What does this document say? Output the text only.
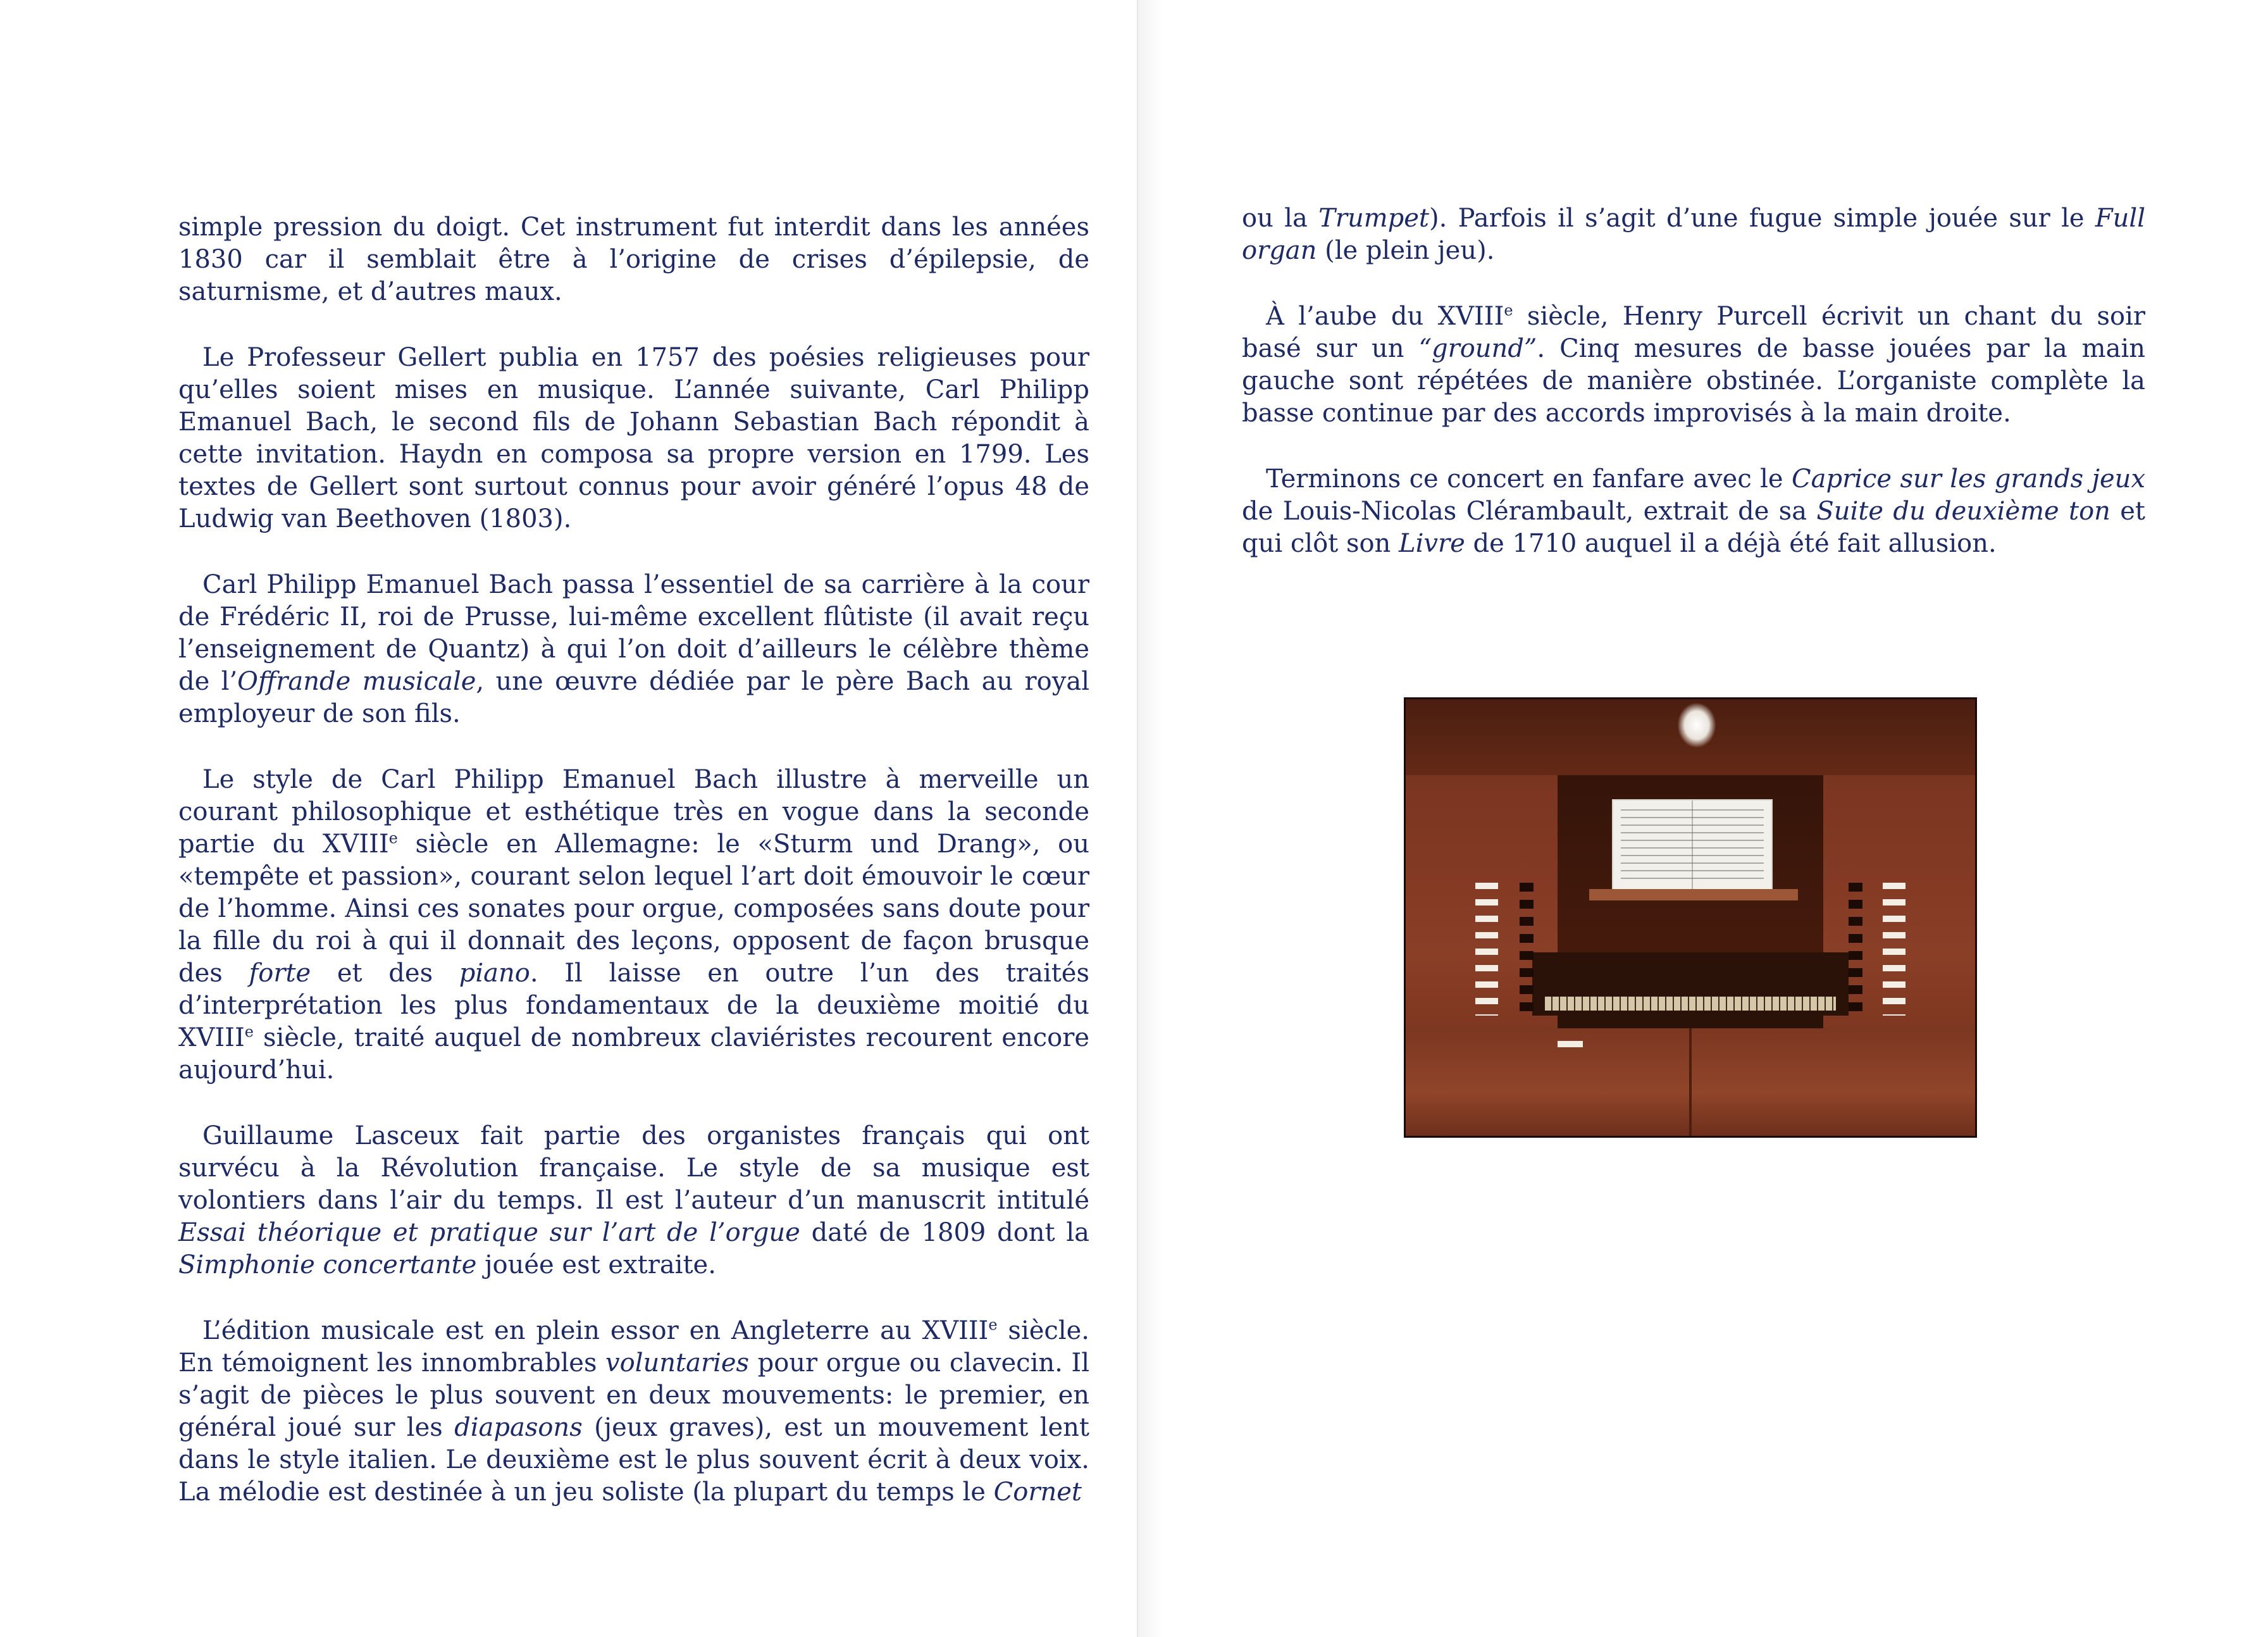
simple pression du doigt. Cet instrument fut interdit dans les années 1830 car il semblait être à l’origine de crises d’épilepsie, de saturnisme, et d’autres maux.

Le Professeur Gellert publia en 1757 des poésies religieuses pour qu’elles soient mises en musique. L’année suivante, Carl Philipp Emanuel Bach, le second fils de Johann Sebastian Bach répondit à cette invitation. Haydn en composa sa propre version en 1799. Les textes de Gellert sont surtout connus pour avoir généré l’opus 48 de Ludwig van Beethoven (1803).

Carl Philipp Emanuel Bach passa l’essentiel de sa carrière à la cour de Frédéric II, roi de Prusse, lui-même excellent flûtiste (il avait reçu l’enseignement de Quantz) à qui l’on doit d’ailleurs le célèbre thème de l’Offrande musicale, une œuvre dédiée par le père Bach au royal employeur de son fils.

Le style de Carl Philipp Emanuel Bach illustre à merveille un courant philosophique et esthétique très en vogue dans la seconde partie du XVIIIe siècle en Allemagne: le «Sturm und Drang», ou «tempête et passion», courant selon lequel l’art doit émouvoir le cœur de l’homme. Ainsi ces sonates pour orgue, composées sans doute pour la fille du roi à qui il donnait des leçons, opposent de façon brusque des forte et des piano. Il laisse en outre l’un des traités d’interprétation les plus fondamentaux de la deuxième moitié du XVIIIe siècle, traité auquel de nombreux claviéristes recourent encore aujourd’hui.

Guillaume Lasceux fait partie des organistes français qui ont survécu à la Révolution française. Le style de sa musique est volontiers dans l’air du temps. Il est l’auteur d’un manuscrit intitulé Essai théorique et pratique sur l’art de l’orgue daté de 1809 dont la Simphonie concertante jouée est extraite.

L’édition musicale est en plein essor en Angleterre au XVIIIe siècle. En témoignent les innombrables voluntaries pour orgue ou clavecin. Il s’agit de pièces le plus souvent en deux mouvements: le premier, en général joué sur les diapasons (jeux graves), est un mouvement lent dans le style italien. Le deuxième est le plus souvent écrit à deux voix. La mélodie est destinée à un jeu soliste (la plupart du temps le Cornet

ou la Trumpet). Parfois il s’agit d’une fugue simple jouée sur le Full organ (le plein jeu).

À l’aube du XVIIIe siècle, Henry Purcell écrivit un chant du soir basé sur un “ground”. Cinq mesures de basse jouées par la main gauche sont répétées de manière obstinée. L’organiste complète la basse continue par des accords improvisés à la main droite.

Terminons ce concert en fanfare avec le Caprice sur les grands jeux de Louis-Nicolas Clérambault, extrait de sa Suite du deuxième ton et qui clôt son Livre de 1710 auquel il a déjà été fait allusion.
